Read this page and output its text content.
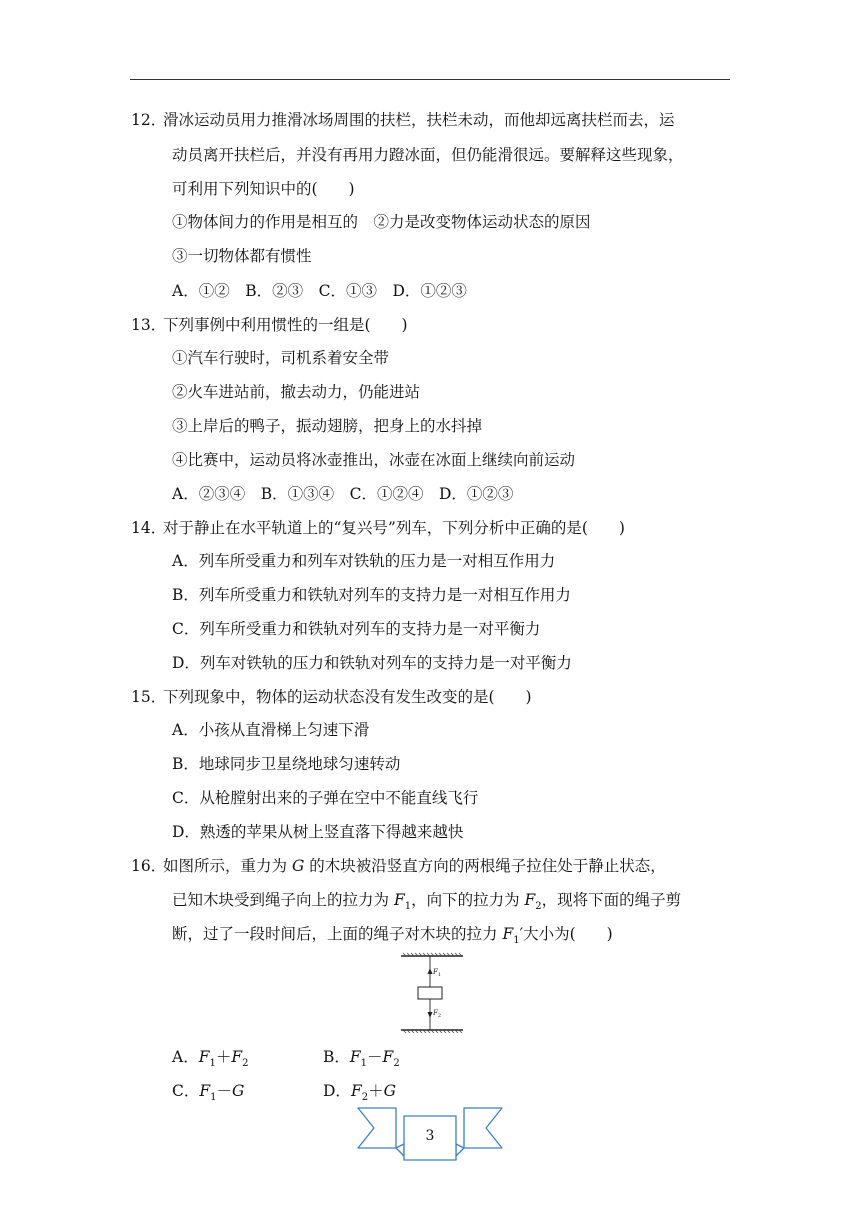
12．
滑冰运动员用力推滑冰场周围的扶栏，扶栏未动，而他却远离扶栏而去，运
动员离开扶栏后，并没有再用力蹬冰面，但仍能滑很远。要解释这些现象，
可利用下列知识中的(　　)
①物体间力的作用是相互的　②力是改变物体运动状态的原因
③一切物体都有惯性
A．①②　B．②③　C．①③　D．①②③
13．
下列事例中利用惯性的一组是(　　)
①汽车行驶时，司机系着安全带
②火车进站前，撤去动力，仍能进站
③上岸后的鸭子，振动翅膀，把身上的水抖掉
④比赛中，运动员将冰壶推出，冰壶在冰面上继续向前运动
A．②③④　B．①③④　C．①②④　D．①②③
14．
对于静止在水平轨道上的“复兴号”列车，下列分析中正确的是(　　)
A．列车所受重力和列车对铁轨的压力是一对相互作用力
B．列车所受重力和铁轨对列车的支持力是一对相互作用力
C．列车所受重力和铁轨对列车的支持力是一对平衡力
D．列车对铁轨的压力和铁轨对列车的支持力是一对平衡力
15．
下列现象中，物体的运动状态没有发生改变的是(　　)
A．小孩从直滑梯上匀速下滑
B．地球同步卫星绕地球匀速转动
C．从枪膛射出来的子弹在空中不能直线飞行
D．熟透的苹果从树上竖直落下得越来越快
16．
如图所示，重力为 G 的木块被沿竖直方向的两根绳子拉住处于静止状态，
已知木块受到绳子向上的拉力为 $F_1$，向下的拉力为 $F_2$，现将下面的绳子剪
断，过了一段时间后，上面的绳子对木块的拉力 $F_1'$大小为(　　)
$F_1$
$F_2$
A．$F_1+F_2$	B．$F_1-F_2$
C．$F_1-G$	D．$F_2+G$
3
